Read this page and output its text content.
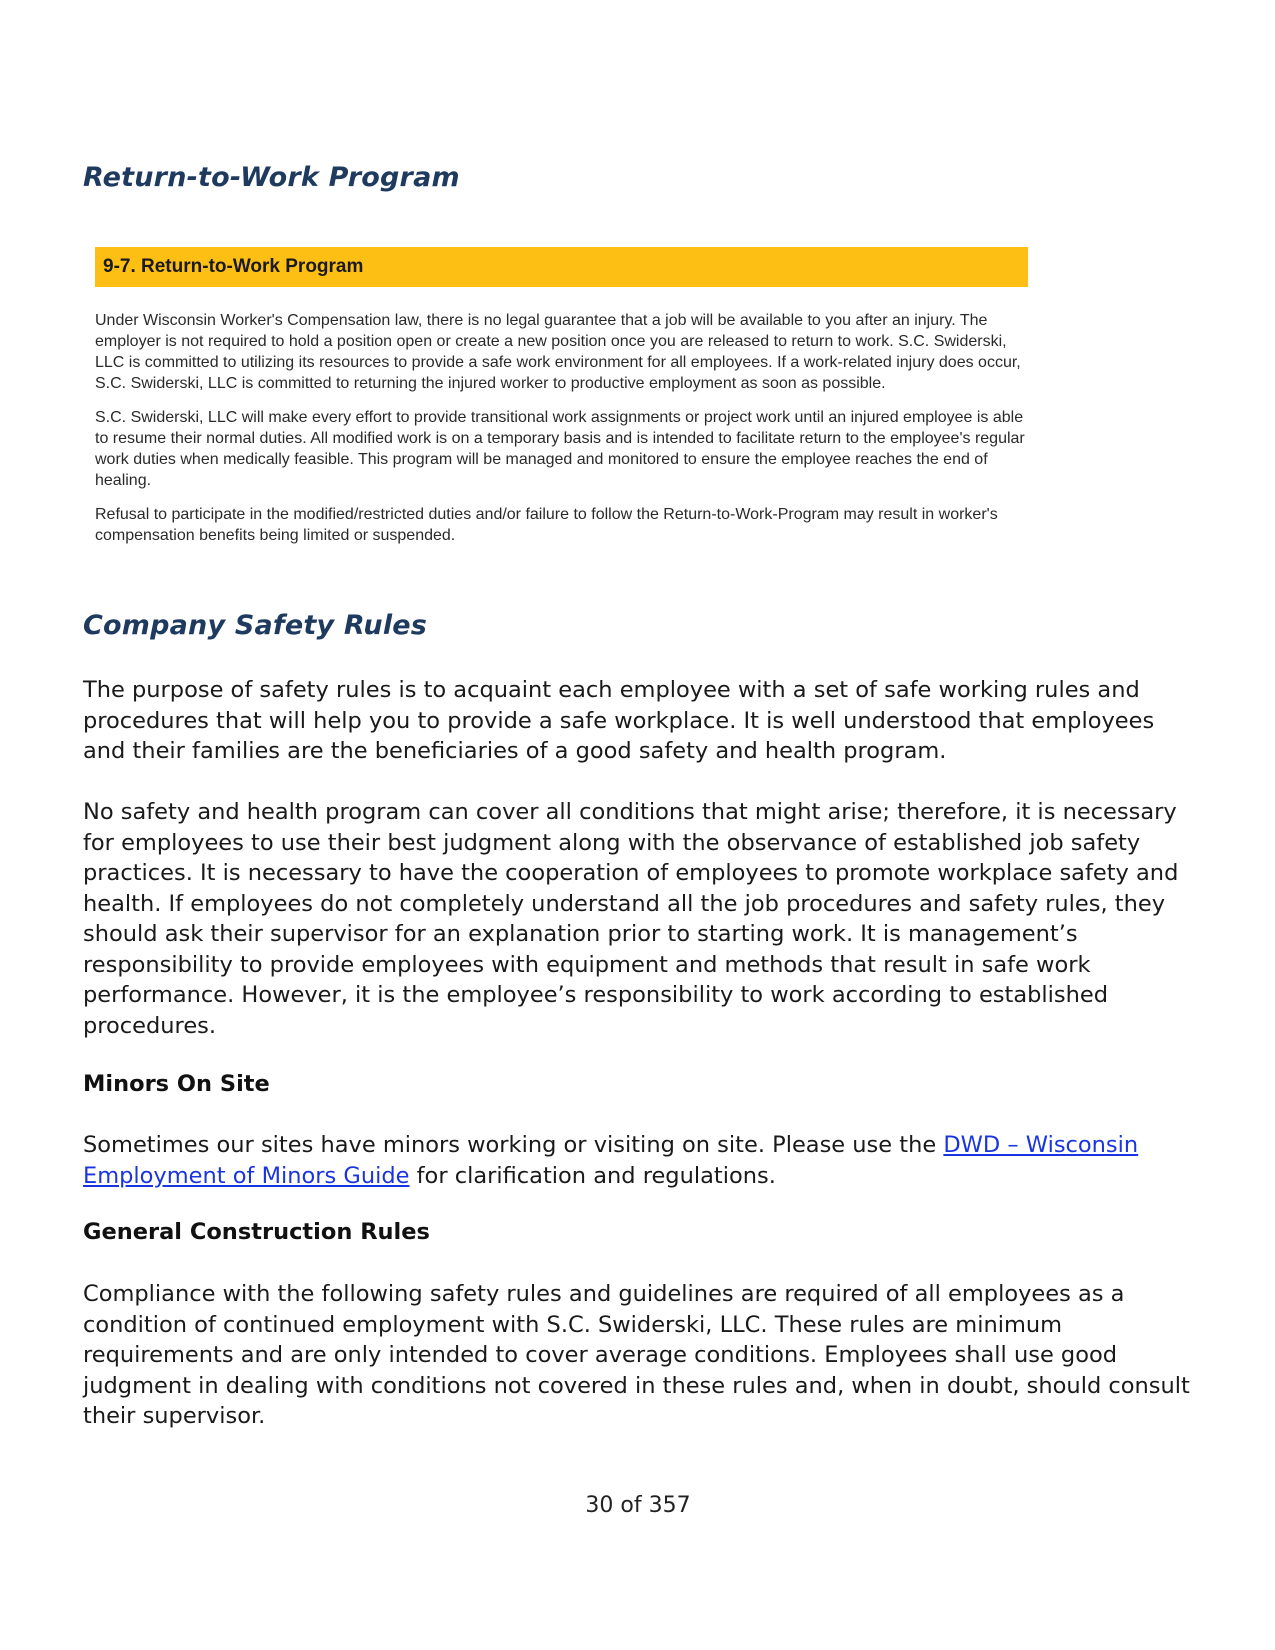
Return-to-Work Program
9-7. Return-to-Work Program

Under Wisconsin Worker's Compensation law, there is no legal guarantee that a job will be available to you after an injury. The employer is not required to hold a position open or create a new position once you are released to return to work. S.C. Swiderski, LLC is committed to utilizing its resources to provide a safe work environment for all employees. If a work-related injury does occur, S.C. Swiderski, LLC is committed to returning the injured worker to productive employment as soon as possible.

S.C. Swiderski, LLC will make every effort to provide transitional work assignments or project work until an injured employee is able to resume their normal duties. All modified work is on a temporary basis and is intended to facilitate return to the employee's regular work duties when medically feasible. This program will be managed and monitored to ensure the employee reaches the end of healing.

Refusal to participate in the modified/restricted duties and/or failure to follow the Return-to-Work-Program may result in worker's compensation benefits being limited or suspended.

Company Safety Rules

The purpose of safety rules is to acquaint each employee with a set of safe working rules and procedures that will help you to provide a safe workplace. It is well understood that employees and their families are the beneficiaries of a good safety and health program.

No safety and health program can cover all conditions that might arise; therefore, it is necessary for employees to use their best judgment along with the observance of established job safety practices. It is necessary to have the cooperation of employees to promote workplace safety and health. If employees do not completely understand all the job procedures and safety rules, they should ask their supervisor for an explanation prior to starting work. It is management’s responsibility to provide employees with equipment and methods that result in safe work performance. However, it is the employee’s responsibility to work according to established procedures.

Minors On Site

Sometimes our sites have minors working or visiting on site. Please use the DWD – Wisconsin Employment of Minors Guide for clarification and regulations.

General Construction Rules

Compliance with the following safety rules and guidelines are required of all employees as a condition of continued employment with S.C. Swiderski, LLC. These rules are minimum requirements and are only intended to cover average conditions. Employees shall use good judgment in dealing with conditions not covered in these rules and, when in doubt, should consult their supervisor.

30 of 357
